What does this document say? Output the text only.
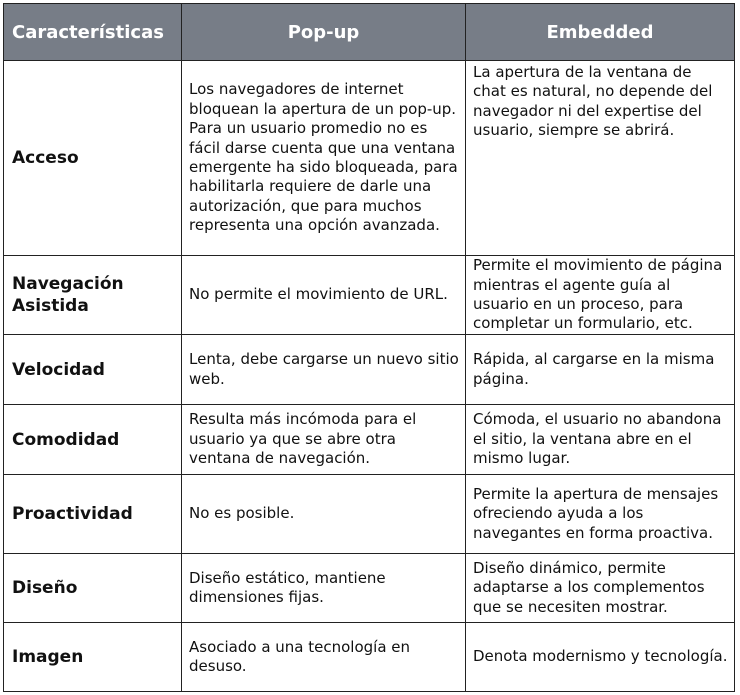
Características	Pop-up	Embedded
Acceso	Los navegadores de internet bloquean la apertura de un pop-up. Para un usuario promedio no es fácil darse cuenta que una ventana emergente ha sido bloqueada, para habilitarla requiere de darle una autorización, que para muchos representa una opción avanzada.	La apertura de la ventana de chat es natural, no depende del navegador ni del expertise del usuario, siempre se abrirá.
Navegación Asistida	No permite el movimiento de URL.	Permite el movimiento de página mientras el agente guía al usuario en un proceso, para completar un formulario, etc.
Velocidad	Lenta, debe cargarse un nuevo sitio web.	Rápida, al cargarse en la misma página.
Comodidad	Resulta más incómoda para el usuario ya que se abre otra ventana de navegación.	Cómoda, el usuario no abandona el sitio, la ventana abre en el mismo lugar.
Proactividad	No es posible.	Permite la apertura de mensajes ofreciendo ayuda a los navegantes en forma proactiva.
Diseño	Diseño estático, mantiene dimensiones fijas.	Diseño dinámico, permite adaptarse a los complementos que se necesiten mostrar.
Imagen	Asociado a una tecnología en desuso.	Denota modernismo y tecnología.
